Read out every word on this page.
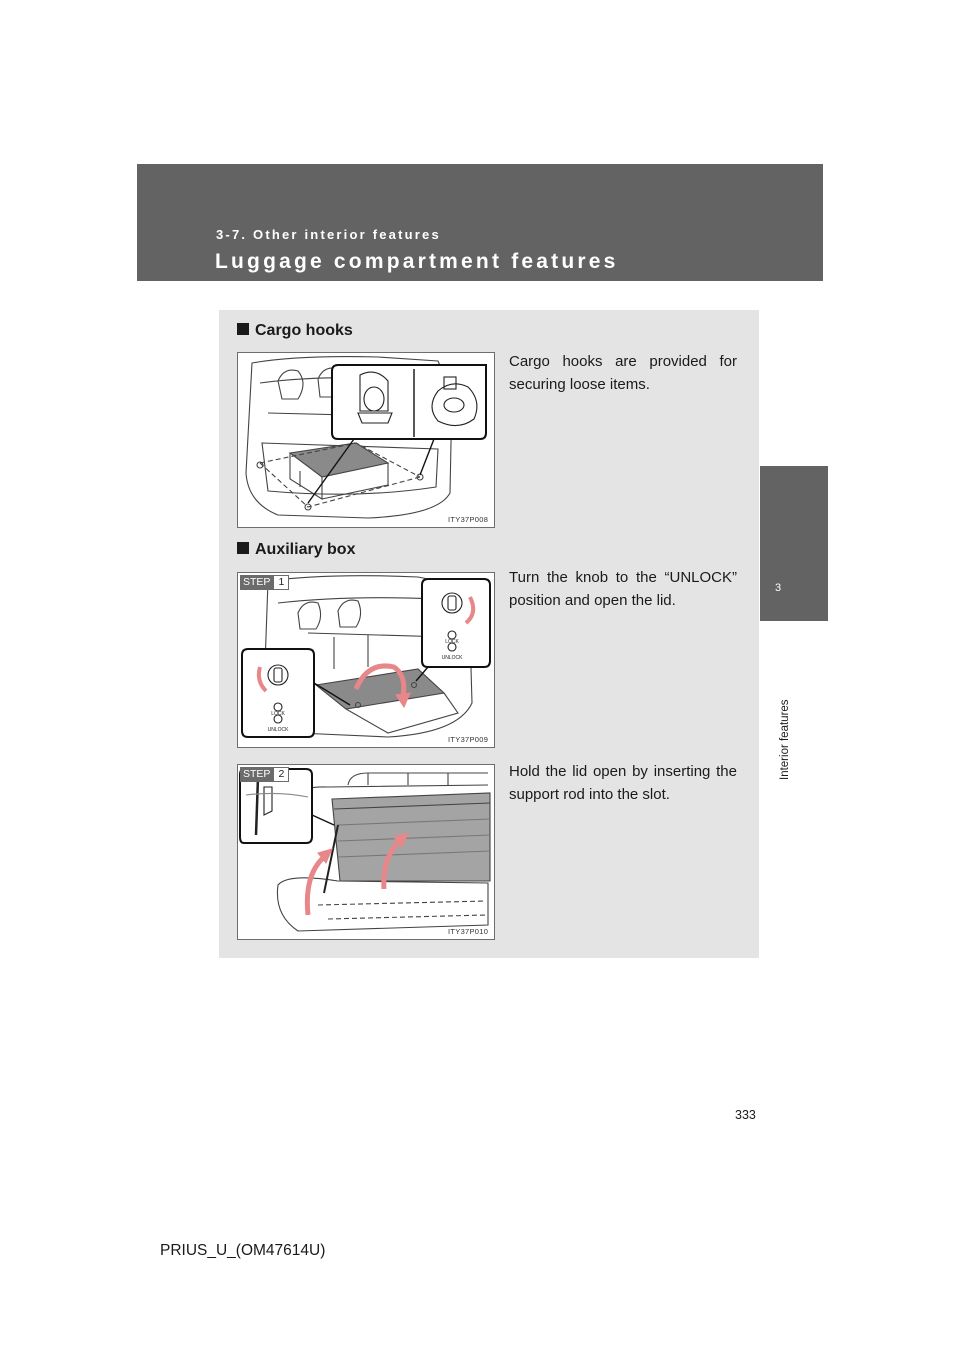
3-7. Other interior features
Luggage compartment features
3
Interior features
Cargo hooks
ITY37P008
Cargo hooks are provided for securing loose items.
Auxiliary box
LOCK
UNLOCK
LOCK
UNLOCK
STEP 1
ITY37P009
Turn the knob to the “UNLOCK” position and open the lid.
STEP 2
ITY37P010
Hold the lid open by inserting the support rod into the slot.
333
PRIUS_U_(OM47614U)
